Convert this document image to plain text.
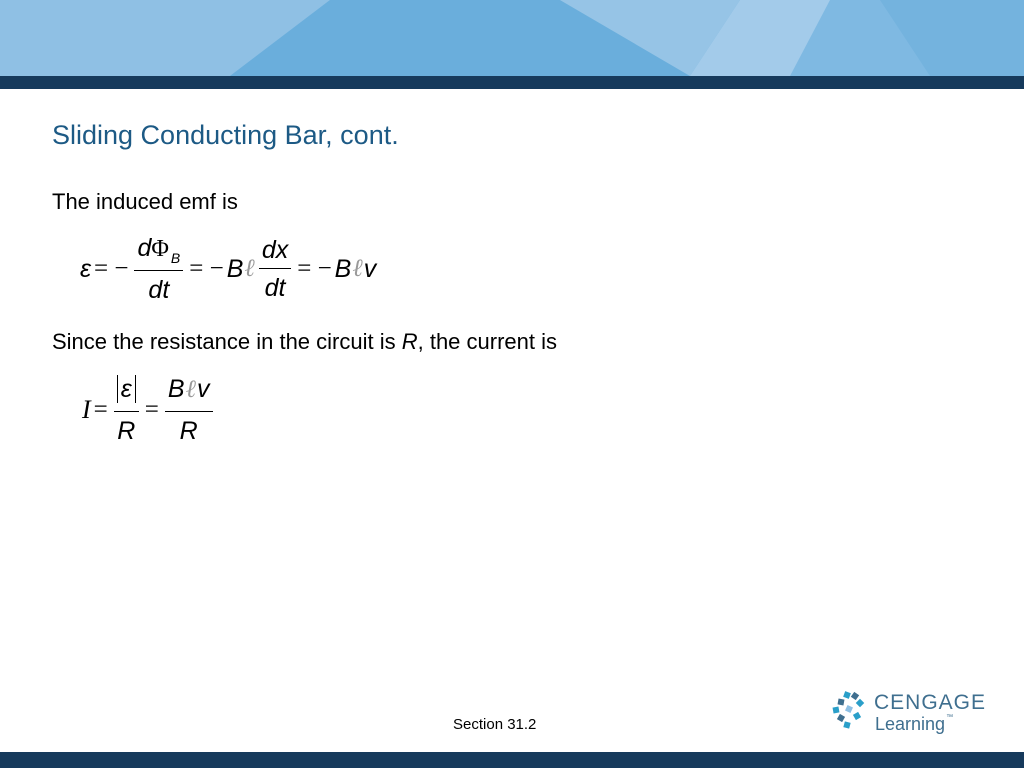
Sliding Conducting Bar, cont.

The induced emf is

ε = − $\frac{\text{dΦ B}}{dt}$ = − B ℓ $\frac{dx}{dt}$ = − B ℓ v

Since the resistance in the circuit is R, the current is

$I = \frac{\varepsilon}{R} = \frac{\text{Bℓv}}{R}$
Section 31.2
CENGAGE
Learning™
